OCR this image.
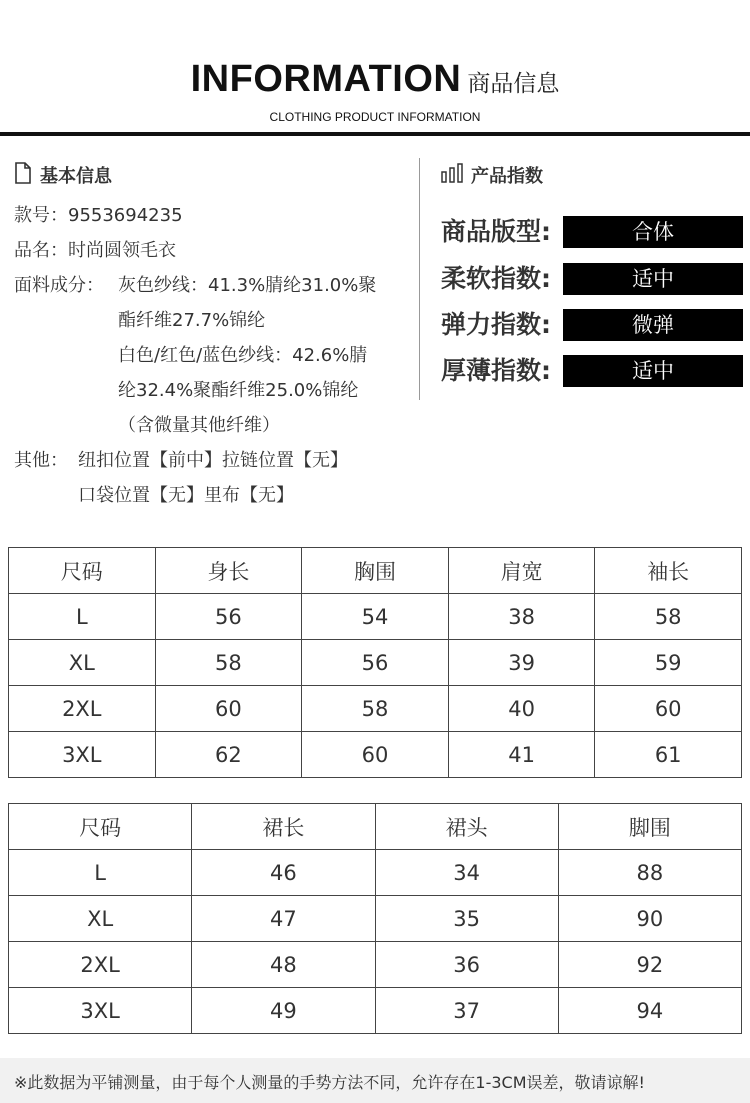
INFORMATION 商品信息
CLOTHING PRODUCT INFORMATION
基本信息
款号：9553694235
品名：时尚圆领毛衣
面料成分： 灰色纱线：41.3%腈纶31.0%聚
酯纤维27.7%锦纶
白色/红色/蓝色纱线：42.6%腈
纶32.4%聚酯纤维25.0%锦纶
（含微量其他纤维）
其他： 纽扣位置【前中】拉链位置【无】
口袋位置【无】里布【无】
产品指数
商品版型:	合体
柔软指数:	适中
弹力指数:	微弹
厚薄指数:	适中
尺码	身长	胸围	肩宽	袖长
L	56	54	38	58
XL	58	56	39	59
2XL	60	58	40	60
3XL	62	60	41	61
尺码	裙长	裙头	脚围
L	46	34	88
XL	47	35	90
2XL	48	36	92
3XL	49	37	94
※此数据为平铺测量，由于每个人测量的手势方法不同，允许存在1-3CM误差，敬请谅解!
